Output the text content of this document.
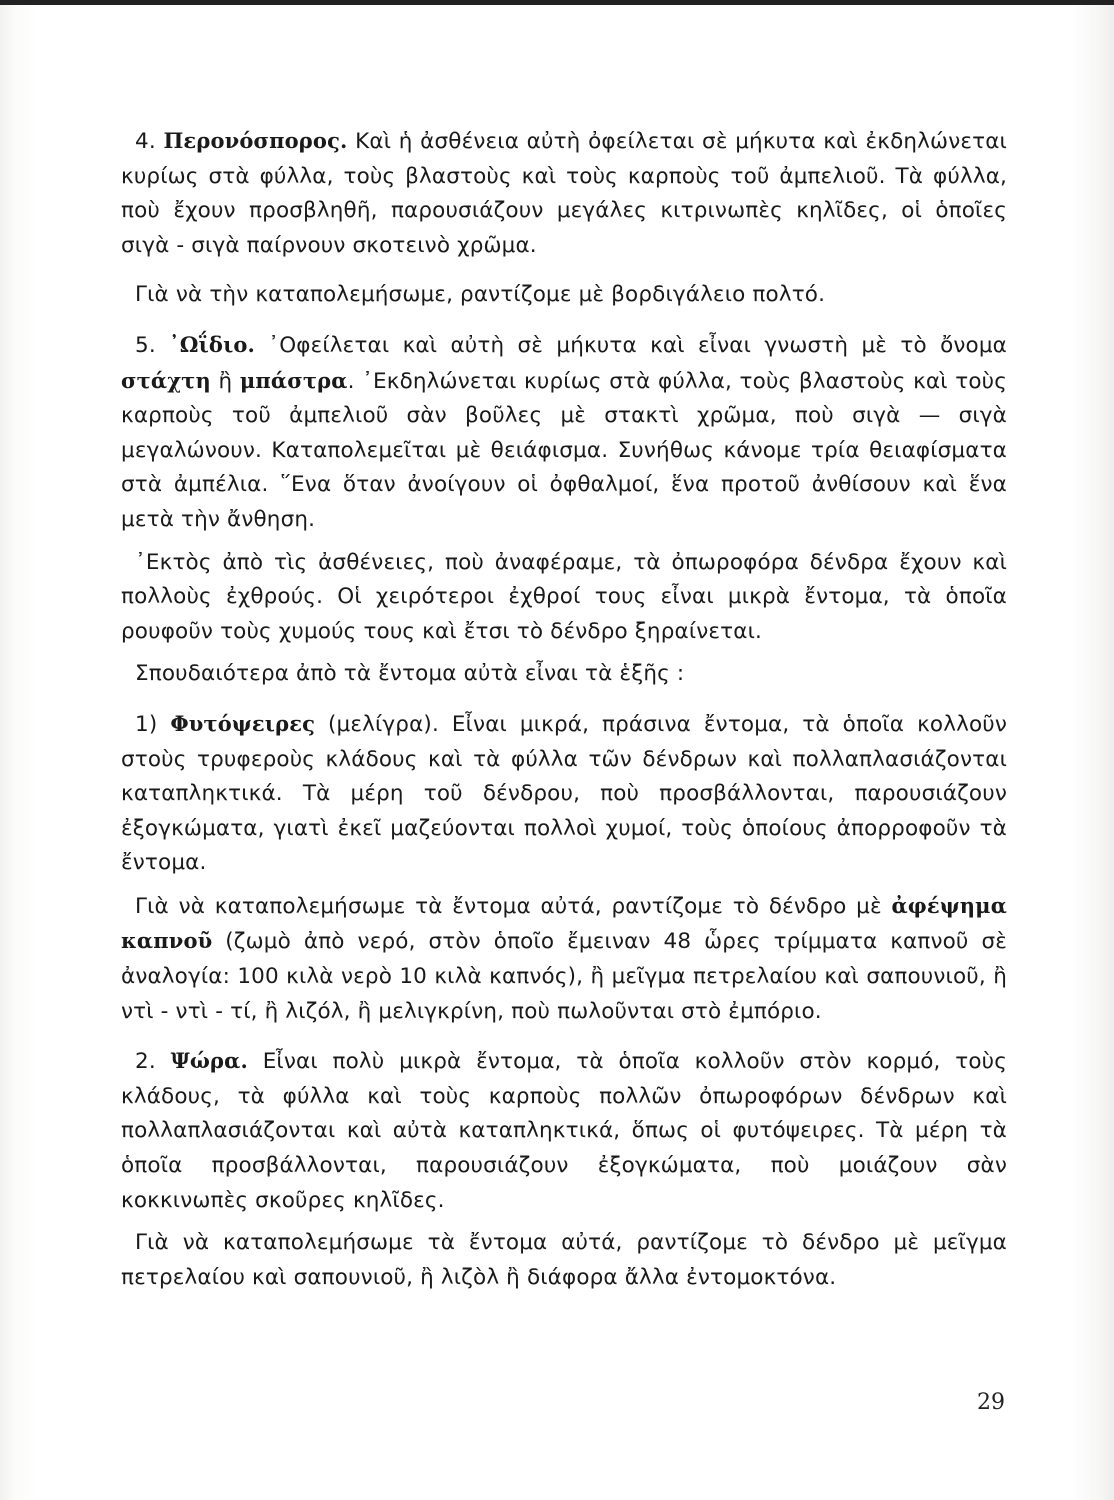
4. Περονόσπορος. Καὶ ἡ ἀσθένεια αὐτὴ ὀφείλεται σὲ μήκυτα καὶ ἐκδηλώνεται κυρίως στὰ φύλλα, τοὺς βλαστοὺς καὶ τοὺς καρποὺς τοῦ ἀμπελιοῦ. Τὰ φύλλα, ποὺ ἔχουν προσβληθῆ, παρουσιάζουν μεγάλες κιτρινωπὲς κηλῖδες, οἱ ὁποῖες σιγὰ - σιγὰ παίρνουν σκοτεινὸ χρῶμα.

Γιὰ νὰ τὴν καταπολεμήσωμε, ραντίζομε μὲ βορδιγάλειο πολτό.

5. ᾿Ωΐδιο. ᾿Οφείλεται καὶ αὐτὴ σὲ μήκυτα καὶ εἶναι γνωστὴ μὲ τὸ ὄνομα στάχτη ἢ μπάστρα. ᾿Εκδηλώνεται κυρίως στὰ φύλλα, τοὺς βλαστοὺς καὶ τοὺς καρποὺς τοῦ ἀμπελιοῦ σὰν βοῦλες μὲ στακτὶ χρῶμα, ποὺ σιγὰ — σιγὰ μεγαλώνουν. Καταπολεμεῖται μὲ θειάφισμα. Συνήθως κάνομε τρία θειαφίσματα στὰ ἀμπέλια. ῞Ενα ὅταν ἀνοίγουν οἱ ὀφθαλμοί, ἕνα προτοῦ ἀνθίσουν καὶ ἕνα μετὰ τὴν ἄνθηση.

᾿Εκτὸς ἀπὸ τὶς ἀσθένειες, ποὺ ἀναφέραμε, τὰ ὀπωροφόρα δένδρα ἔχουν καὶ πολλοὺς ἐχθρούς. Οἱ χειρότεροι ἐχθροί τους εἶναι μικρὰ ἔντομα, τὰ ὁποῖα ρουφοῦν τοὺς χυμούς τους καὶ ἔτσι τὸ δένδρο ξηραίνεται.

Σπουδαιότερα ἀπὸ τὰ ἔντομα αὐτὰ εἶναι τὰ ἑξῆς :

1) Φυτόψειρες (μελίγρα). Εἶναι μικρά, πράσινα ἔντομα, τὰ ὁποῖα κολλοῦν στοὺς τρυφεροὺς κλάδους καὶ τὰ φύλλα τῶν δένδρων καὶ πολλαπλασιάζονται καταπληκτικά. Τὰ μέρη τοῦ δένδρου, ποὺ προσβάλλονται, παρουσιάζουν ἐξογκώματα, γιατὶ ἐκεῖ μαζεύονται πολλοὶ χυμοί, τοὺς ὁποίους ἀπορροφοῦν τὰ ἔντομα.

Γιὰ νὰ καταπολεμήσωμε τὰ ἔντομα αὐτά, ραντίζομε τὸ δένδρο μὲ ἀφέψημα καπνοῦ (ζωμὸ ἀπὸ νερό, στὸν ὁποῖο ἔμειναν 48 ὧρες τρίμματα καπνοῦ σὲ ἀναλογία: 100 κιλὰ νερὸ 10 κιλὰ καπνός), ἢ μεῖγμα πετρελαίου καὶ σαπουνιοῦ, ἢ ντὶ - ντὶ - τί, ἢ λιζόλ, ἢ μελιγκρίνη, ποὺ πωλοῦνται στὸ ἐμπόριο.

2. Ψώρα. Εἶναι πολὺ μικρὰ ἔντομα, τὰ ὁποῖα κολλοῦν στὸν κορμό, τοὺς κλάδους, τὰ φύλλα καὶ τοὺς καρποὺς πολλῶν ὀπωροφόρων δένδρων καὶ πολλαπλασιάζονται καὶ αὐτὰ καταπληκτικά, ὅπως οἱ φυτόψειρες. Τὰ μέρη τὰ ὁποῖα προσβάλλονται, παρουσιάζουν ἐξογκώματα, ποὺ μοιάζουν σὰν κοκκινωπὲς σκοῦρες κηλῖδες.

Γιὰ νὰ καταπολεμήσωμε τὰ ἔντομα αὐτά, ραντίζομε τὸ δένδρο μὲ μεῖγμα πετρελαίου καὶ σαπουνιοῦ, ἢ λιζὸλ ἢ διάφορα ἄλλα ἐντομοκτόνα.

29
